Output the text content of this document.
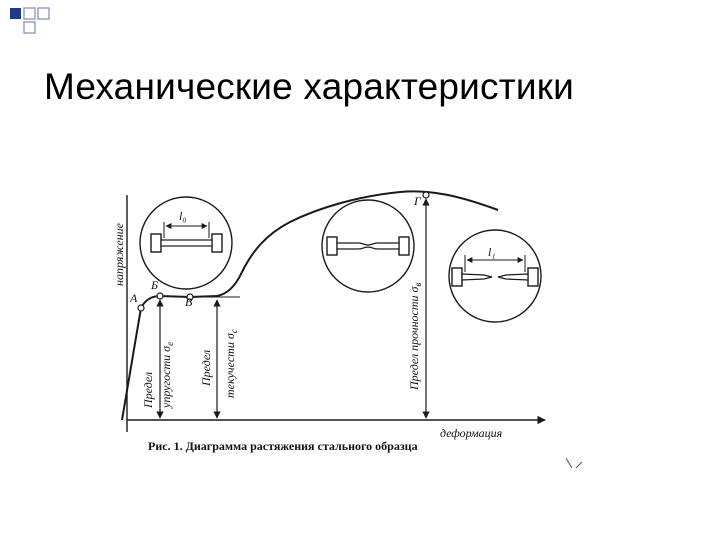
Механические характеристики
А
Б
В
Г
напряжение
деформация
Предел упругости $\sigma_е$
Предел текучести $\sigma_с$	Предел прочности $\sigma_в$
l₀
l₁
Рис. 1. Диаграмма растяжения стального образца
